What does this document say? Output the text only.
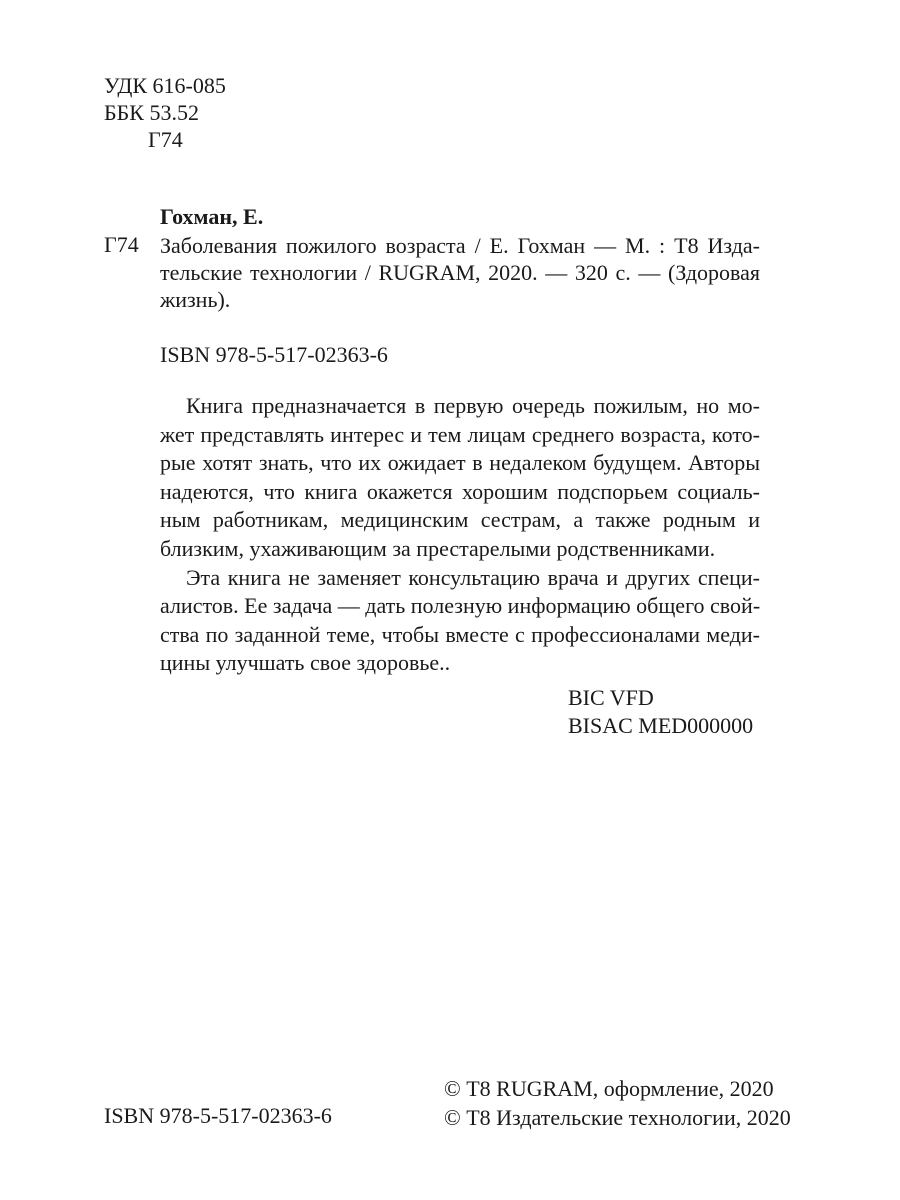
УДК 616-085
ББК 53.52
Г74
Гохман, Е.
Г74 Заболевания пожилого возраста / Е. Гохман — М. : Т8 Изда-
тельские технологии / RUGRAM, 2020. — 320 с. — (Здоровая
жизнь).
ISBN 978-5-517-02363-6
Книга предназначается в первую очередь пожилым, но мо-
жет представлять интерес и тем лицам среднего возраста, кото-
рые хотят знать, что их ожидает в недалеком будущем. Авторы
надеются, что книга окажется хорошим подспорьем социаль-
ным работникам, медицинским сестрам, а также родным и
близким, ухаживающим за престарелыми родственниками.
Эта книга не заменяет консультацию врача и других специ-
алистов. Ее задача — дать полезную информацию общего свой-
ства по заданной теме, чтобы вместе с профессионалами меди-
цины улучшать свое здоровье..
BIC VFD
BISAC MED000000
© Т8 RUGRAM, оформление, 2020
© Т8 Издательские технологии, 2020
ISBN 978-5-517-02363-6
